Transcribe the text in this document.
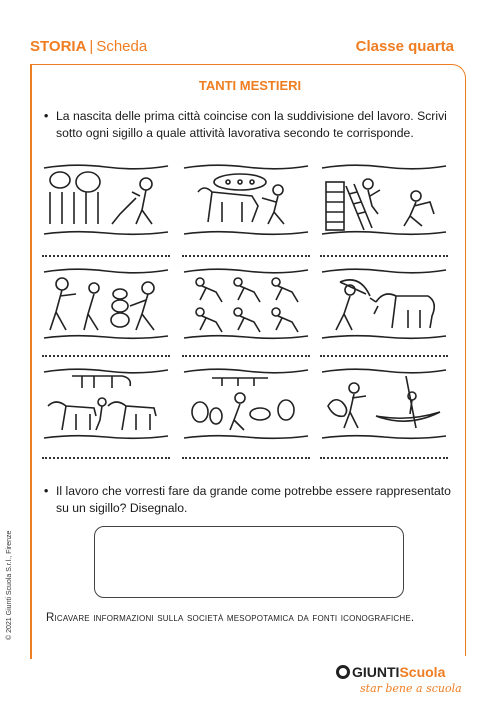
STORIA | Scheda	Classe quarta
TANTI MESTIERI
• La nascita delle prima città coincise con la suddivisione del lavoro. Scrivi sotto ogni sigillo a quale attività lavorativa secondo te corrisponde.
• Il lavoro che vorresti fare da grande come potrebbe essere rappresentato su un sigillo? Disegnalo.
Ricavare informazioni sulla società mesopotamica da fonti iconografiche.
© 2021 Giunti Scuola S.r.l., Firenze
GIUNTIScuola
star bene a scuola
